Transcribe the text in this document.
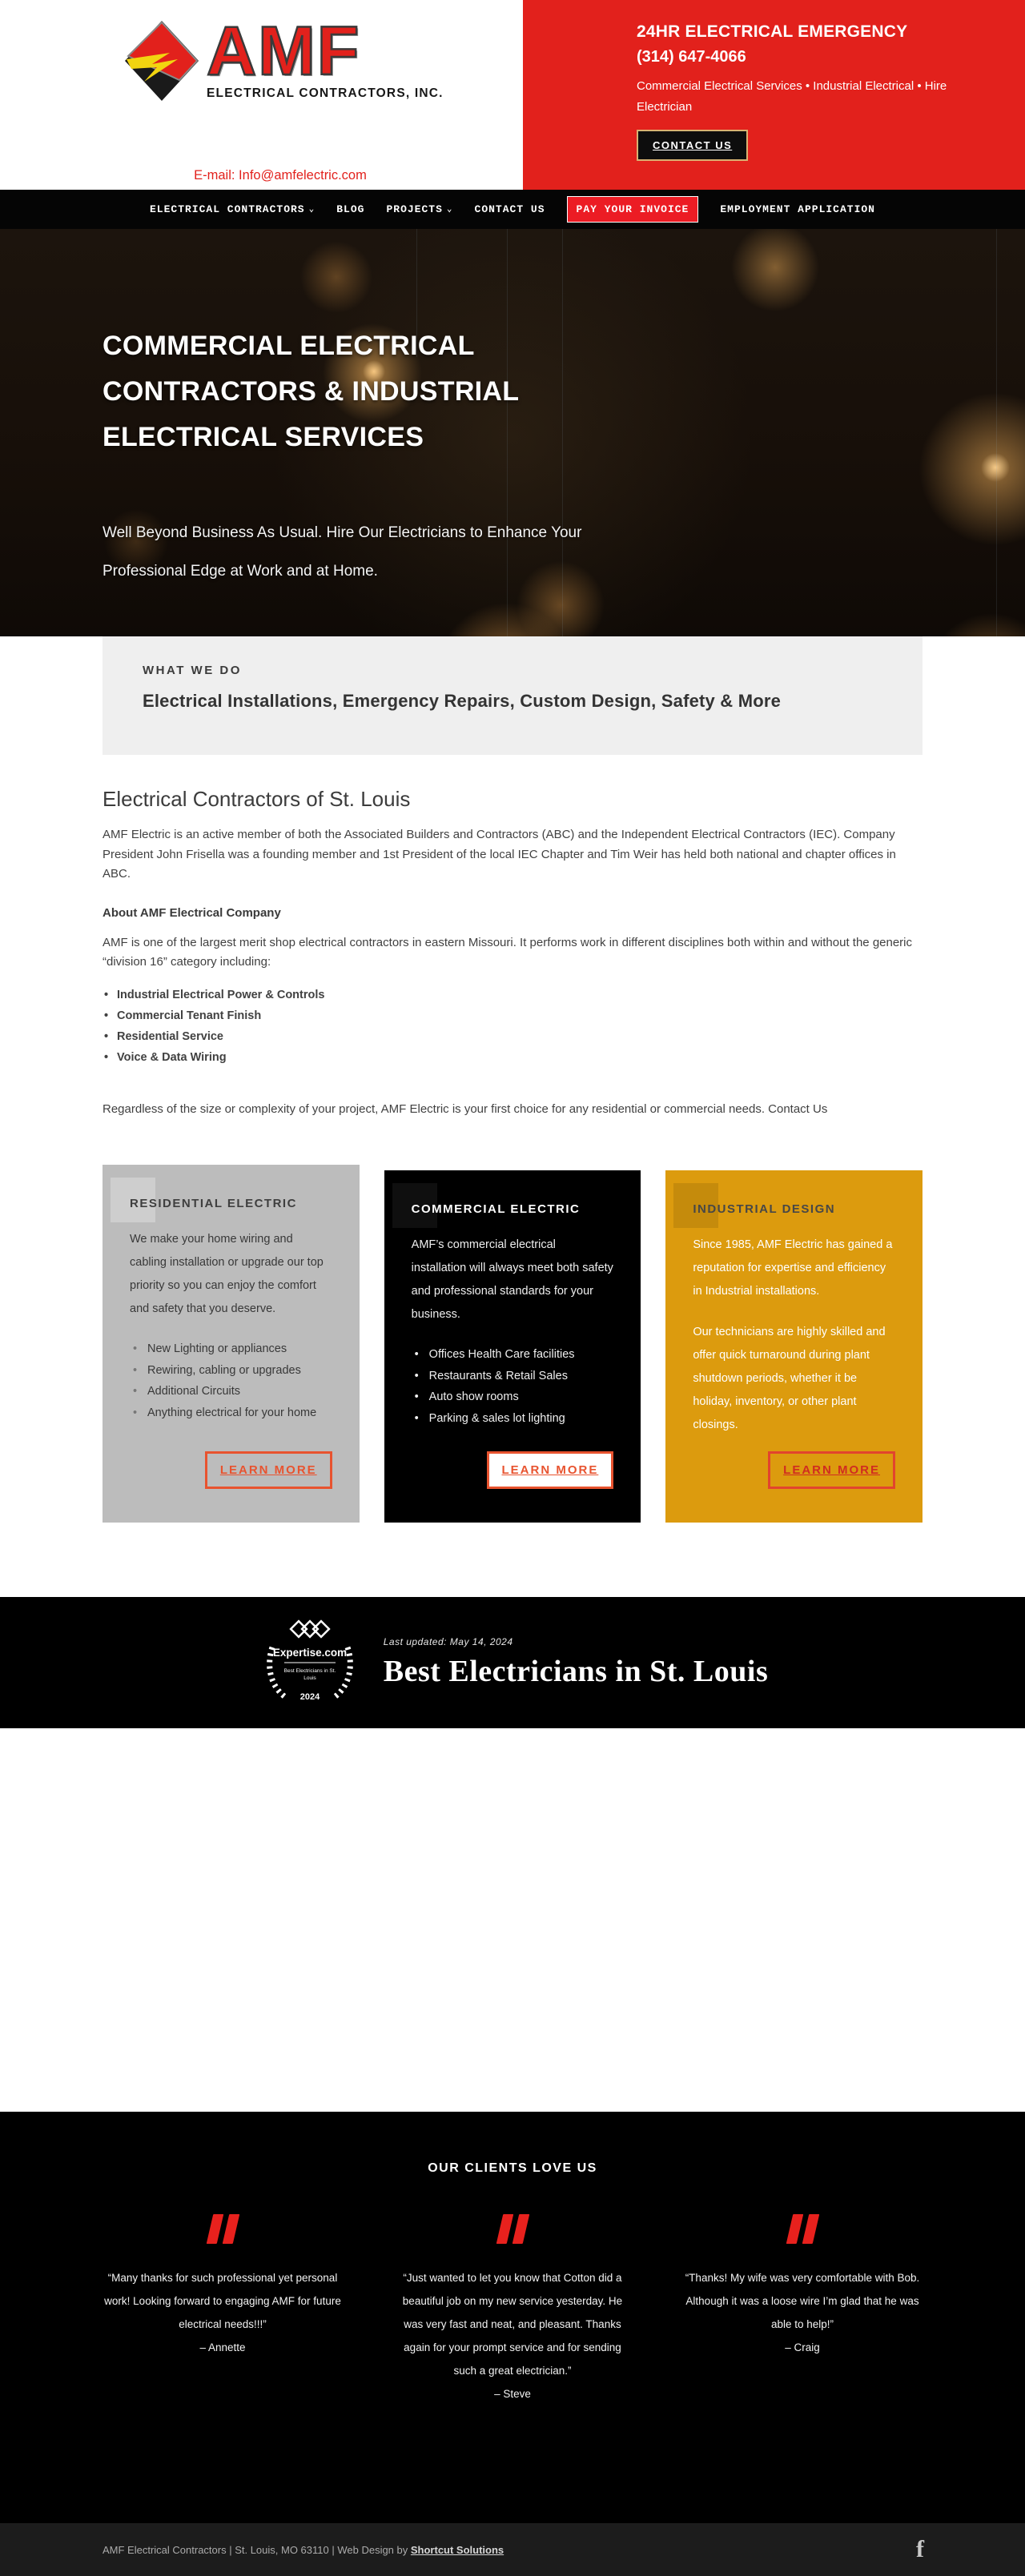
AMF
ELECTRICAL CONTRACTORS, INC.
E-mail: Info@amfelectric.com
24HR ELECTRICAL EMERGENCY
(314) 647-4066
Commercial Electrical Services • Industrial Electrical • Hire Electrician
CONTACT US
ELECTRICAL CONTRACTORS ⌄ BLOG PROJECTS ⌄ CONTACT US	PAY YOUR INVOICE	EMPLOYMENT APPLICATION
COMMERCIAL ELECTRICAL
CONTRACTORS & INDUSTRIAL
ELECTRICAL SERVICES
Well Beyond Business As Usual. Hire Our Electricians to Enhance Your
Professional Edge at Work and at Home.
WHAT WE DO
Electrical Installations, Emergency Repairs, Custom Design, Safety & More
Electrical Contractors of St. Louis

AMF Electric is an active member of both the Associated Builders and Contractors (ABC) and the Independent Electrical Contractors (IEC). Company President John Frisella was a founding member and 1st President of the local IEC Chapter and Tim Weir has held both national and chapter offices in ABC.

About AMF Electrical Company

AMF is one of the largest merit shop electrical contractors in eastern Missouri. It performs work in different disciplines both within and without the generic “division 16” category including:

• Industrial Electrical Power & Controls
• Commercial Tenant Finish
• Residential Service
• Voice & Data Wiring

Regardless of the size or complexity of your project, AMF Electric is your first choice for any residential or commercial needs. Contact Us

RESIDENTIAL ELECTRIC

We make your home wiring and cabling installation or upgrade our top priority so you can enjoy the comfort and safety that you deserve.

• New Lighting or appliances
• Rewiring, cabling or upgrades
• Additional Circuits
• Anything electrical for your home
LEARN MORE
COMMERCIAL ELECTRIC

AMF’s commercial electrical installation will always meet both safety and professional standards for your business.

• Offices Health Care facilities
• Restaurants & Retail Sales
• Auto show rooms
• Parking & sales lot lighting
LEARN MORE
INDUSTRIAL DESIGN

Since 1985, AMF Electric has gained a reputation for expertise and efficiency in Industrial installations.

Our technicians are highly skilled and offer quick turnaround during plant shutdown periods, whether it be holiday, inventory, or other plant closings.

LEARN MORE
Expertise.com
Best Electricians in St.
Louis
2024
Last updated: May 14, 2024
Best Electricians in St. Louis
OUR CLIENTS LOVE US

“Many thanks for such professional yet personal work! Looking forward to engaging AMF for future electrical needs!!!”

– Annette

“Just wanted to let you know that Cotton did a beautiful job on my new service yesterday. He was very fast and neat, and pleasant. Thanks again for your prompt service and for sending such a great electrician.”

– Steve

“Thanks! My wife was very comfortable with Bob. Although it was a loose wire I’m glad that he was able to help!”

– Craig
AMF Electrical Contractors | St. Louis, MO 63110 | Web Design by Shortcut Solutions	f
